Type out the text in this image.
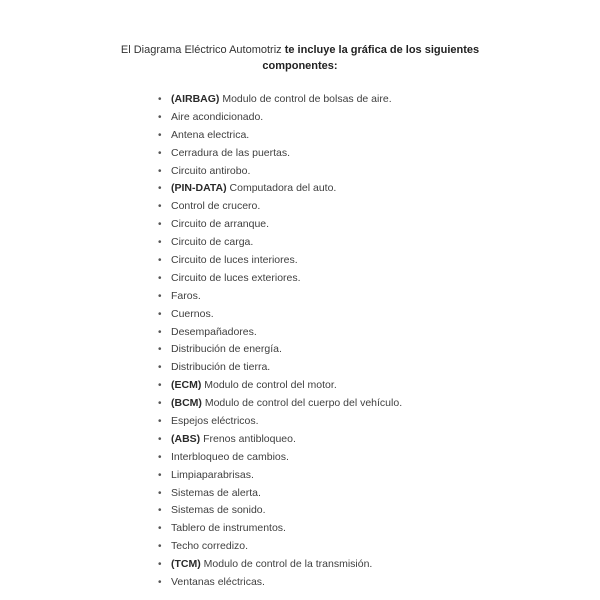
El Diagrama Eléctrico Automotriz te incluye la gráfica de los siguientes componentes:
• (AIRBAG) Modulo de control de bolsas de aire.
• Aire acondicionado.
• Antena electrica.
• Cerradura de las puertas.
• Circuito antirobo.
• (PIN-DATA) Computadora del auto.
• Control de crucero.
• Circuito de arranque.
• Circuito de carga.
• Circuito de luces interiores.
• Circuito de luces exteriores.
• Faros.
• Cuernos.
• Desempañadores.
• Distribución de energía.
• Distribución de tierra.
• (ECM) Modulo de control del motor.
• (BCM) Modulo de control del cuerpo del vehículo.
• Espejos eléctricos.
• (ABS) Frenos antibloqueo.
• Interbloqueo de cambios.
• Limpiaparabrisas.
• Sistemas de alerta.
• Sistemas de sonido.
• Tablero de instrumentos.
• Techo corredizo.
• (TCM) Modulo de control de la transmisión.
• Ventanas eléctricas.
